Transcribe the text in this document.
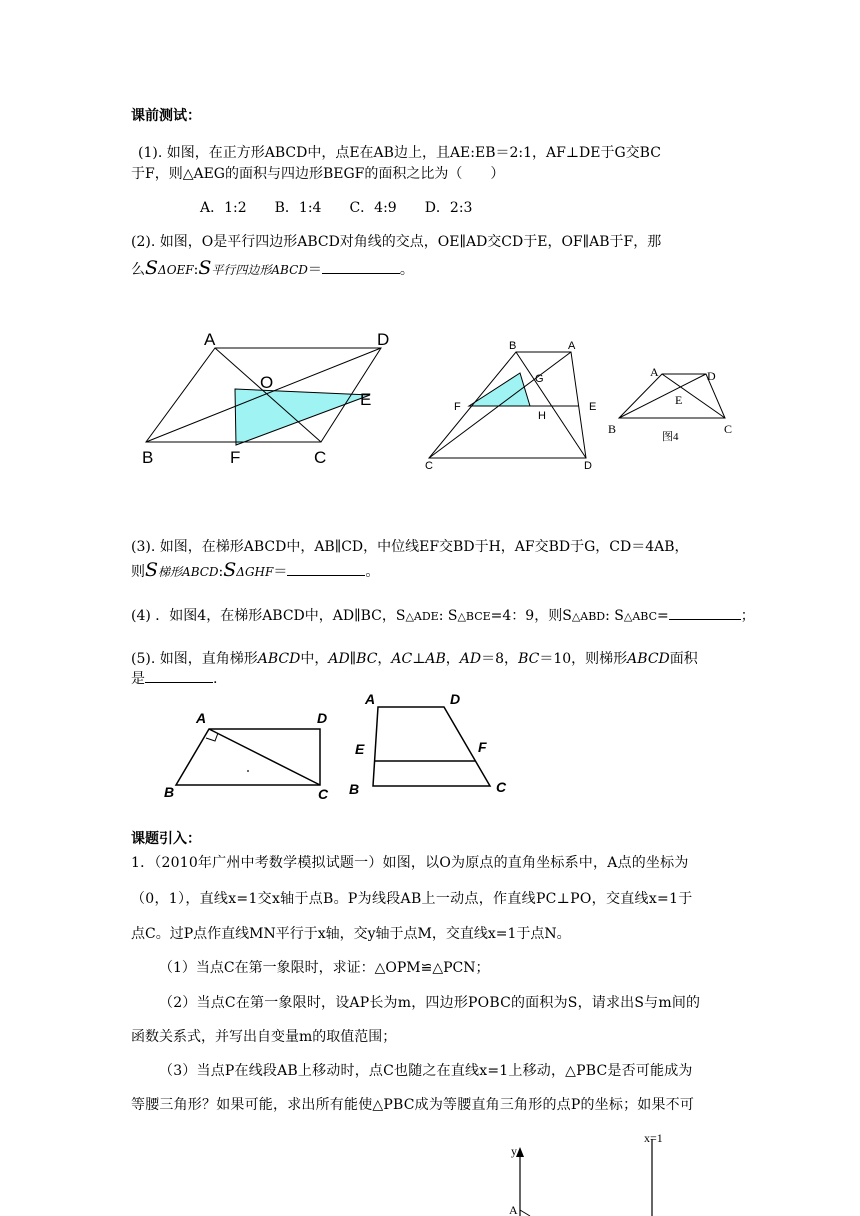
课前测试：
(1). 如图，在正方形ABCD中，点E在AB边上，且AE:EB＝2:1，AF⊥DE于G交BC
于F，则△AEG的面积与四边形BEGF的面积之比为（　　）
A．1:2　　B．1:4　　C．4:9　　D．2:3
(2). 如图，O是平行四边形ABCD对角线的交点，OE∥AD交CD于E，OF∥AB于F，那
么SΔOEF:S平行四边形ABCD＝	。
A	D
O
E
B	F	C
B	A
G
F
H
E
C	D
A	D
E
B	C
图4
(3). 如图，在梯形ABCD中，AB∥CD，中位线EF交BD于H，AF交BD于G，CD＝4AB，
则S梯形ABCD:SΔGHF＝	。
(4) ．如图4，在梯形ABCD中，AD∥BC，S△ADE: S△BCE=4：9，则S△ABD: S△ABC=	；
(5). 如图，直角梯形ABCD中，AD∥BC，AC⊥AB，AD＝8，BC＝10，则梯形ABCD面积
是	.
A	D
B	C
A	D
E	F
B	C
课题引入：
1．（2010年广州中考数学模拟试题一）如图，以O为原点的直角坐标系中，A点的坐标为
（0，1），直线x=1交x轴于点B。P为线段AB上一动点，作直线PC⊥PO，交直线x=1于
点C。过P点作直线MN平行于x轴，交y轴于点M，交直线x=1于点N。
（1）当点C在第一象限时，求证：△OPM≌△PCN；
（2）当点C在第一象限时，设AP长为m，四边形POBC的面积为S，请求出S与m间的
函数关系式，并写出自变量m的取值范围；
（3）当点P在线段AB上移动时，点C也随之在直线x=1上移动，△PBC是否可能成为
等腰三角形？如果可能，求出所有能使△PBC成为等腰直角三角形的点P的坐标；如果不可
x=1
y
A
